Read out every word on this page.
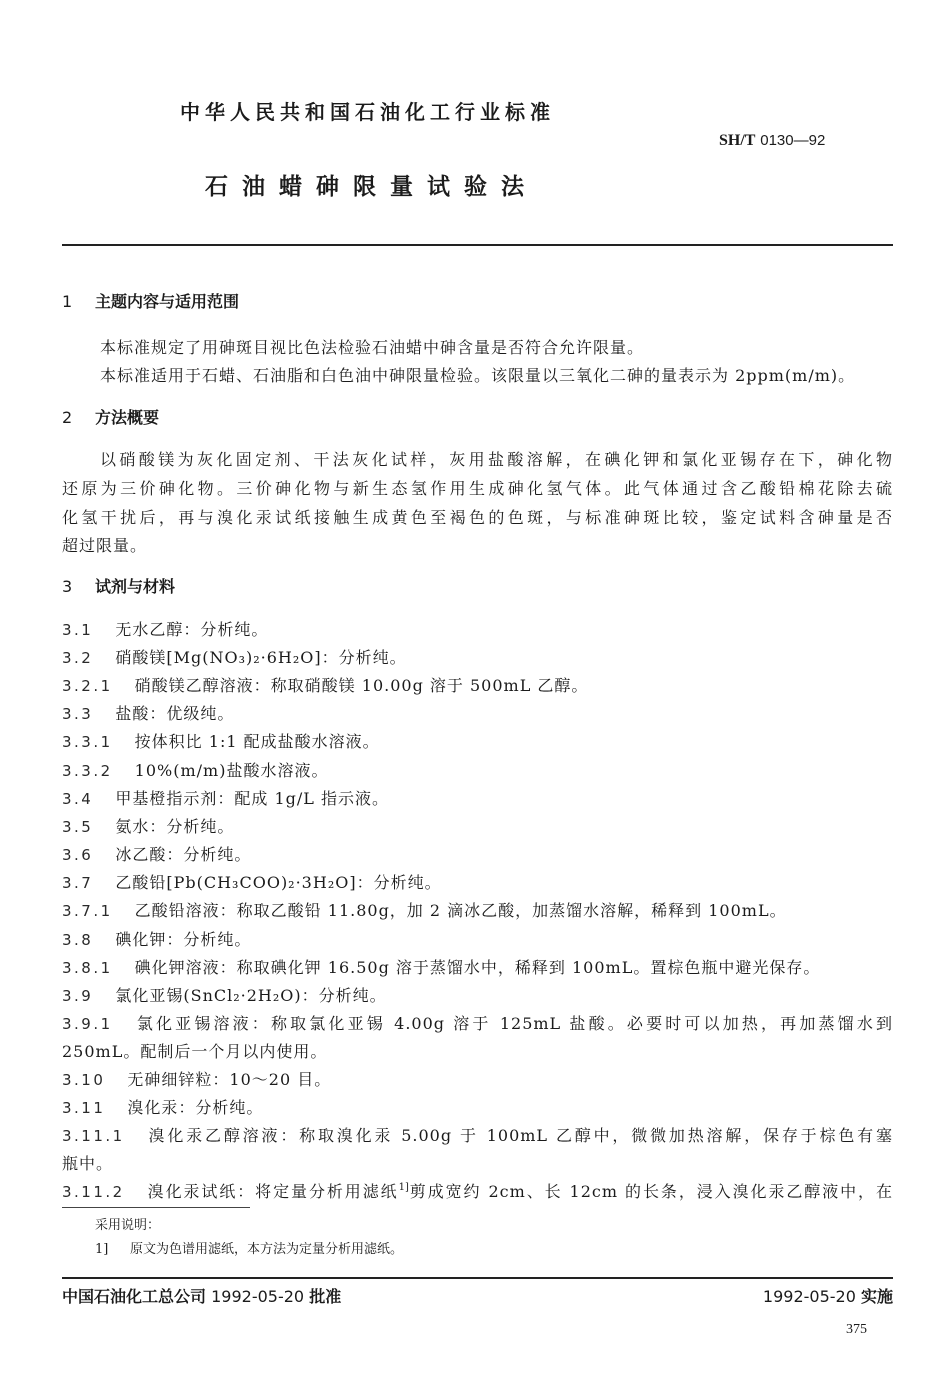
中华人民共和国石油化工行业标准
SH/T 0130—92
石油蜡砷限量试验法
1 主题内容与适用范围
本标准规定了用砷斑目视比色法检验石油蜡中砷含量是否符合允许限量。
本标准适用于石蜡、石油脂和白色油中砷限量检验。该限量以三氧化二砷的量表示为 2ppm(m/m)。
2 方法概要
以硝酸镁为灰化固定剂、干法灰化试样，灰用盐酸溶解，在碘化钾和氯化亚锡存在下，砷化物
还原为三价砷化物。三价砷化物与新生态氢作用生成砷化氢气体。此气体通过含乙酸铅棉花除去硫
化氢干扰后，再与溴化汞试纸接触生成黄色至褐色的色斑，与标准砷斑比较，鉴定试料含砷量是否
超过限量。
3 试剂与材料
3.1 无水乙醇：分析纯。
3.2 硝酸镁[Mg(NO₃)₂·6H₂O]：分析纯。
3.2.1 硝酸镁乙醇溶液：称取硝酸镁 10.00g 溶于 500mL 乙醇。
3.3 盐酸：优级纯。
3.3.1 按体积比 1:1 配成盐酸水溶液。
3.3.2 10%(m/m)盐酸水溶液。
3.4 甲基橙指示剂：配成 1g/L 指示液。
3.5 氨水：分析纯。
3.6 冰乙酸：分析纯。
3.7 乙酸铅[Pb(CH₃COO)₂·3H₂O]：分析纯。
3.7.1 乙酸铅溶液：称取乙酸铅 11.80g，加 2 滴冰乙酸，加蒸馏水溶解，稀释到 100mL。
3.8 碘化钾：分析纯。
3.8.1 碘化钾溶液：称取碘化钾 16.50g 溶于蒸馏水中，稀释到 100mL。置棕色瓶中避光保存。
3.9 氯化亚锡(SnCl₂·2H₂O)：分析纯。
3.9.1 氯化亚锡溶液：称取氯化亚锡 4.00g 溶于 125mL 盐酸。必要时可以加热，再加蒸馏水到
250mL。配制后一个月以内使用。
3.10 无砷细锌粒：10～20 目。
3.11 溴化汞：分析纯。
3.11.1 溴化汞乙醇溶液：称取溴化汞 5.00g 于 100mL 乙醇中，微微加热溶解，保存于棕色有塞
瓶中。
3.11.2 溴化汞试纸：将定量分析用滤纸$^{1]}$剪成宽约 2cm、长 12cm 的长条，浸入溴化汞乙醇液中，在
采用说明：
1] 原文为色谱用滤纸，本方法为定量分析用滤纸。
中国石油化工总公司 1992-05-20 批准	1992-05-20 实施
375
